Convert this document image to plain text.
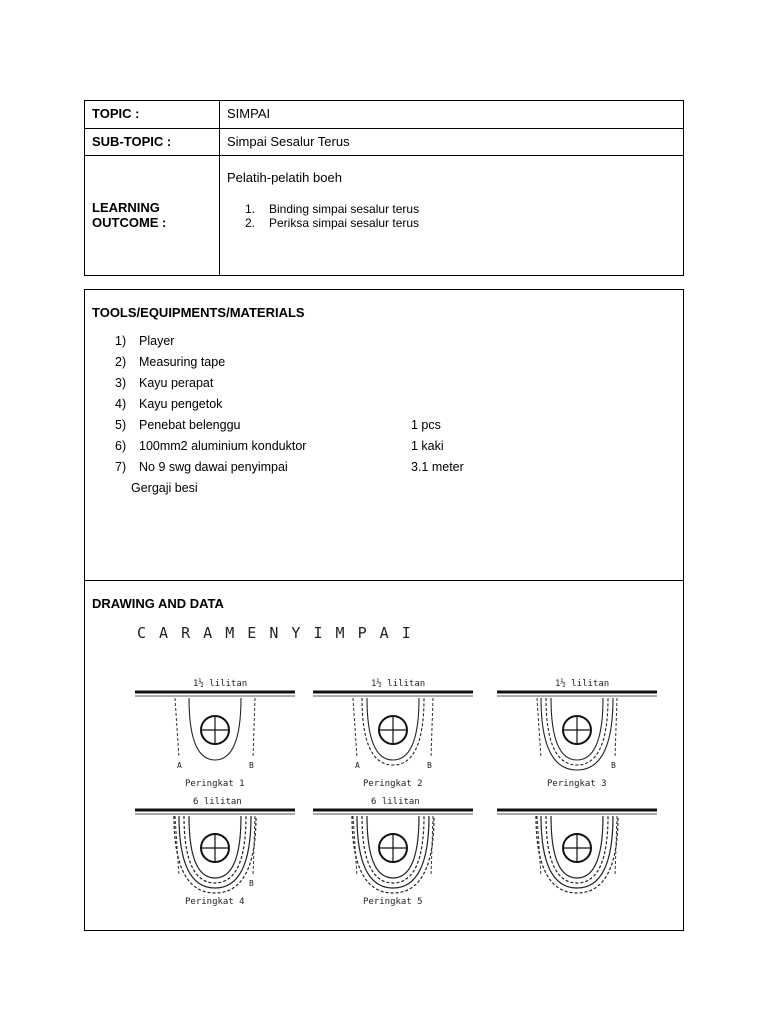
TOPIC :	SIMPAI
SUB-TOPIC :	Simpai Sesalur Terus
LEARNING
OUTCOME :
Pelatih-pelatih boeh
1.	Binding simpai sesalur terus
2.	Periksa simpai sesalur terus
TOOLS/EQUIPMENTS/MATERIALS
1) Player
2) Measuring tape
3) Kayu perapat
4) Kayu pengetok
5) Penebat belenggu	1 pcs
6) 100mm2 aluminium konduktor	1 kaki
7) No 9 swg dawai penyimpai	3.1 meter
Gergaji besi
DRAWING AND DATA
C A R A M E N Y I M P A I
1½ lilitan
A	B
Peringkat 1
1½ lilitan
A	B
Peringkat 2
1½ lilitan
B
Peringkat 3
6 lilitan
B
Peringkat 4
6 lilitan
Peringkat 5
